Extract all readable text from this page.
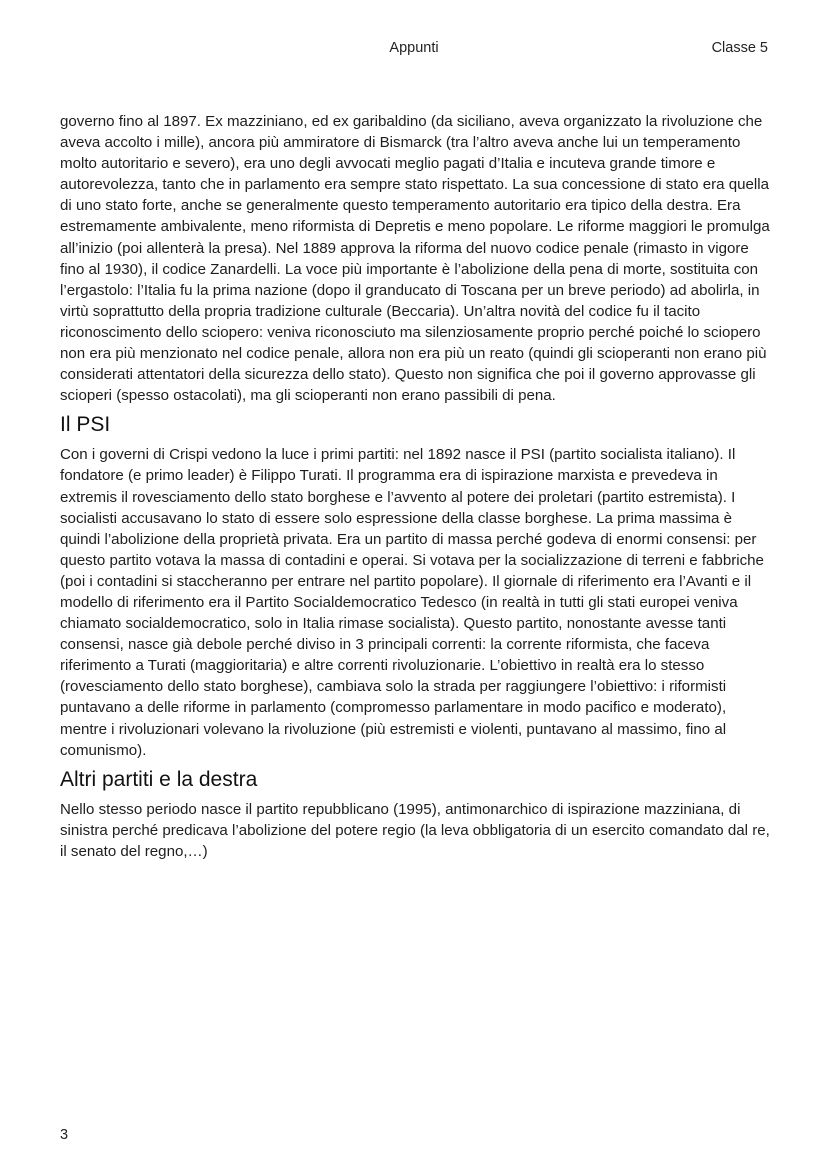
Appunti	Classe 5

governo fino al 1897. Ex mazziniano, ed ex garibaldino (da siciliano, aveva organizzato la rivoluzione che aveva accolto i mille), ancora più ammiratore di Bismarck (tra l’altro aveva anche lui un temperamento molto autoritario e severo), era uno degli avvocati meglio pagati d’Italia e incuteva grande timore e autorevolezza, tanto che in parlamento era sempre stato rispettato. La sua concessione di stato era quella di uno stato forte, anche se generalmente questo temperamento autoritario era tipico della destra. Era estremamente ambivalente, meno riformista di Depretis e meno popolare. Le riforme maggiori le promulga all’inizio (poi allenterà la presa). Nel 1889 approva la riforma del nuovo codice penale (rimasto in vigore fino al 1930), il codice Zanardelli. La voce più importante è l’abolizione della pena di morte, sostituita con l’ergastolo: l’Italia fu la prima nazione (dopo il granducato di Toscana per un breve periodo) ad abolirla, in virtù soprattutto della propria tradizione culturale (Beccaria). Un’altra novità del codice fu il tacito riconoscimento dello sciopero: veniva riconosciuto ma silenziosamente proprio perché poiché lo sciopero non era più menzionato nel codice penale, allora non era più un reato (quindi gli scioperanti non erano più considerati attentatori della sicurezza dello stato). Questo non significa che poi il governo approvasse gli scioperi (spesso ostacolati), ma gli scioperanti non erano passibili di pena.

Il PSI

Con i governi di Crispi vedono la luce i primi partiti: nel 1892 nasce il PSI (partito socialista italiano). Il fondatore (e primo leader) è Filippo Turati. Il programma era di ispirazione marxista e prevedeva in extremis il rovesciamento dello stato borghese e l’avvento al potere dei proletari (partito estremista). I socialisti accusavano lo stato di essere solo espressione della classe borghese. La prima massima è quindi l’abolizione della proprietà privata. Era un partito di massa perché godeva di enormi consensi: per questo partito votava la massa di contadini e operai. Si votava per la socializzazione di terreni e fabbriche (poi i contadini si staccheranno per entrare nel partito popolare). Il giornale di riferimento era l’Avanti e il modello di riferimento era il Partito Socialdemocratico Tedesco (in realtà in tutti gli stati europei veniva chiamato socialdemocratico, solo in Italia rimase socialista). Questo partito, nonostante avesse tanti consensi, nasce già debole perché diviso in 3 principali correnti: la corrente riformista, che faceva riferimento a Turati (maggioritaria) e altre correnti rivoluzionarie. L’obiettivo in realtà era lo stesso (rovesciamento dello stato borghese), cambiava solo la strada per raggiungere l’obiettivo: i riformisti puntavano a delle riforme in parlamento (compromesso parlamentare in modo pacifico e moderato), mentre i rivoluzionari volevano la rivoluzione (più estremisti e violenti, puntavano al massimo, fino al comunismo).

Altri partiti e la destra

Nello stesso periodo nasce il partito repubblicano (1995), antimonarchico di ispirazione mazziniana, di sinistra perché predicava l’abolizione del potere regio (la leva obbligatoria di un esercito comandato dal re, il senato del regno,…)

3
